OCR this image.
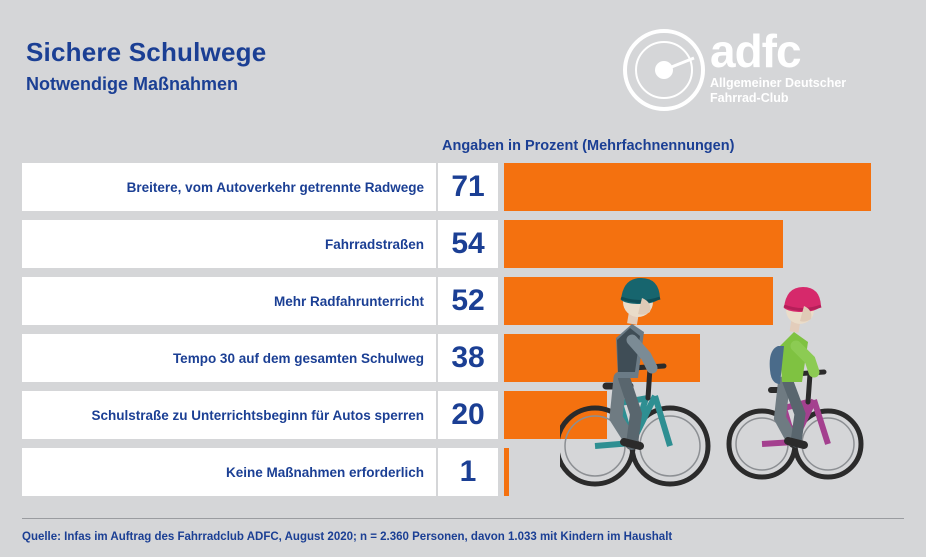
Sichere Schulwege
Notwendige Maßnahmen
adfc
Allgemeiner Deutscher
Fahrrad-Club
Angaben in Prozent (Mehrfachnennungen)
Breitere, vom Autoverkehr getrennte Radwege 71
Fahrradstraßen 54
Mehr Radfahrunterricht 52
Tempo 30 auf dem gesamten Schulweg 38
Schulstraße zu Unterrichtsbeginn für Autos sperren 20
Keine Maßnahmen erforderlich	1
Quelle: Infas im Auftrag des Fahrradclub ADFC, August 2020; n = 2.360 Personen, davon 1.033 mit Kindern im Haushalt
